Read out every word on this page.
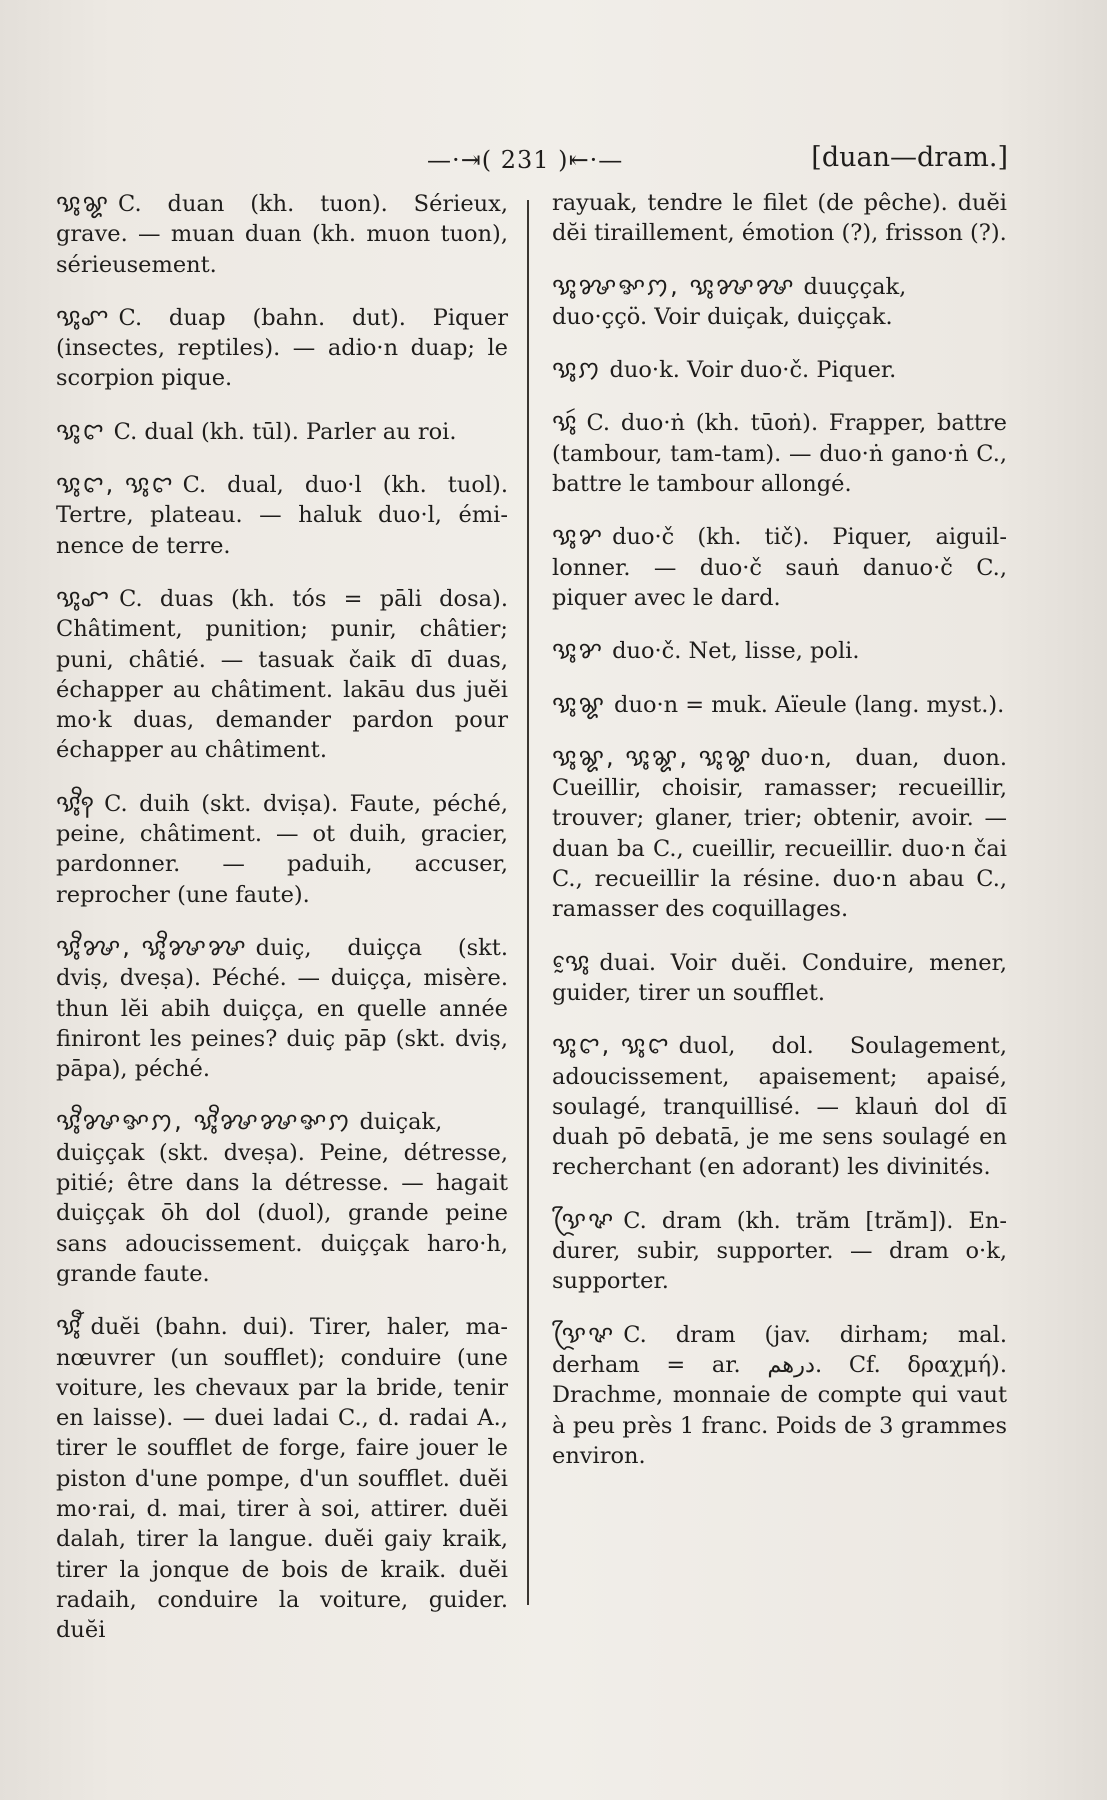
—·⇥( 231 )⇤·—	[duan—dram.]

ꨕꨶꨘ C. duan (kh. tuon). Sérieux, grave. — muan duan (kh. muon tuon), sérieusement.

ꨕꨶꨚ C. duap (bahn. dut). Piquer (insectes, reptiles). — adio·n duap; le scorpion pique.

ꨕꨶꨤ C. dual (kh. tūl). Parler au roi.

ꨕꨶꨤ, ꨕꨶꨤ C. dual, duo·l (kh. tuol). Tertre, plateau. — haluk duo·l, éminence de terre.

ꨕꨶꨧ C. duas (kh. tós = pāli dosa). Châtiment, punition; punir, châtier; puni, châtié. — tasuak čaik dī duas, échapper au châtiment. lakāu dus juĕi mo·k duas, demander pardon pour échapper au châtiment.

ꨕꨶꨪꩍ C. duih (skt. dviṣa). Faute, péché, peine, châtiment. — ot duih, gracier, pardonner. — paduih, accuser, reprocher (une faute).

ꨕꨶꨪꨍ, ꨕꨶꨪꨍꨍ duiç, duiçça (skt. dviṣ, dveṣa). Péché. — duiçça, misère. thun lĕi abih duiçça, en quelle année finiront les peines? duiç pāp (skt. dviṣ, pāpa), péché.

ꨕꨶꨪꨍꨀꩀ, ꨕꨶꨪꨍꨍꨀꩀ duiçak, duiççak (skt. dveṣa). Peine, détresse, pitié; être dans la détresse. — hagait duiççak ōh dol (duol), grande peine sans adoucissement. duiççak haro·h, grande faute.

ꨕꨶꨬ duĕi (bahn. dui). Tirer, haler, manœuvrer (un soufflet); conduire (une voiture, les chevaux par la bride, tenir en laisse). — duei ladai C., d. radai A., tirer le soufflet de forge, faire jouer le piston d'une pompe, d'un soufflet. duĕi mo·rai, d. mai, tirer à soi, attirer. duĕi dalah, tirer la langue. duĕi gaiy kraik, tirer la jonque de bois de kraik. duĕi radaih, conduire la voiture, guider. duĕi

rayuak, tendre le filet (de pêche). duĕi dĕi tiraillement, émotion (?), frisson (?).

ꨕꨶꨍꨀꩀ, ꨕꨶꨍꨍ duuççak, duo·ççö. Voir duiçak, duiççak.

ꨕꨶꩀ duo·k. Voir duo·č. Piquer.

ꨕꨶꩃ C. duo·ṅ (kh. tūoṅ). Frapper, battre (tambour, tam-tam). — duo·ṅ gano·ṅ C., battre le tambour allongé.

ꨕꨶꨌ duo·č (kh. tič). Piquer, aiguillonner. — duo·č sauṅ danuo·č C., piquer avec le dard.

ꨕꨶꨌ duo·č. Net, lisse, poli.

ꨕꨶꨘ duo·n = muk. Aïeule (lang. myst.).

ꨕꨶꨘ, ꨕꨶꨘ, ꨕꨶꨘ duo·n, duan, duon. Cueillir, choisir, ramasser; recueillir, trouver; glaner, trier; obtenir, avoir. — duan ba C., cueillir, recueillir. duo·n čai C., recueillir la résine. duo·n abau C., ramasser des coquillages.

ꨕꨶꨰ duai. Voir duĕi. Conduire, mener, guider, tirer un soufflet.

ꨕꨶꨤ, ꨕꨶꨤ duol, dol. Soulagement, adoucissement, apaisement; apaisé, soulagé, tranquillisé. — klauṅ dol dī duah pō debatā, je me sens soulagé en recherchant (en adorant) les divinités.

ꨕꨴꨟ C. dram (kh. trăm [trăm]). Endurer, subir, supporter. — dram o·k, supporter.

ꨕꨴꨟ C. dram (jav. dirham; mal. derham = ar. درهم. Cf. δραχμή). Drachme, monnaie de compte qui vaut à peu près 1 franc. Poids de 3 grammes environ.
